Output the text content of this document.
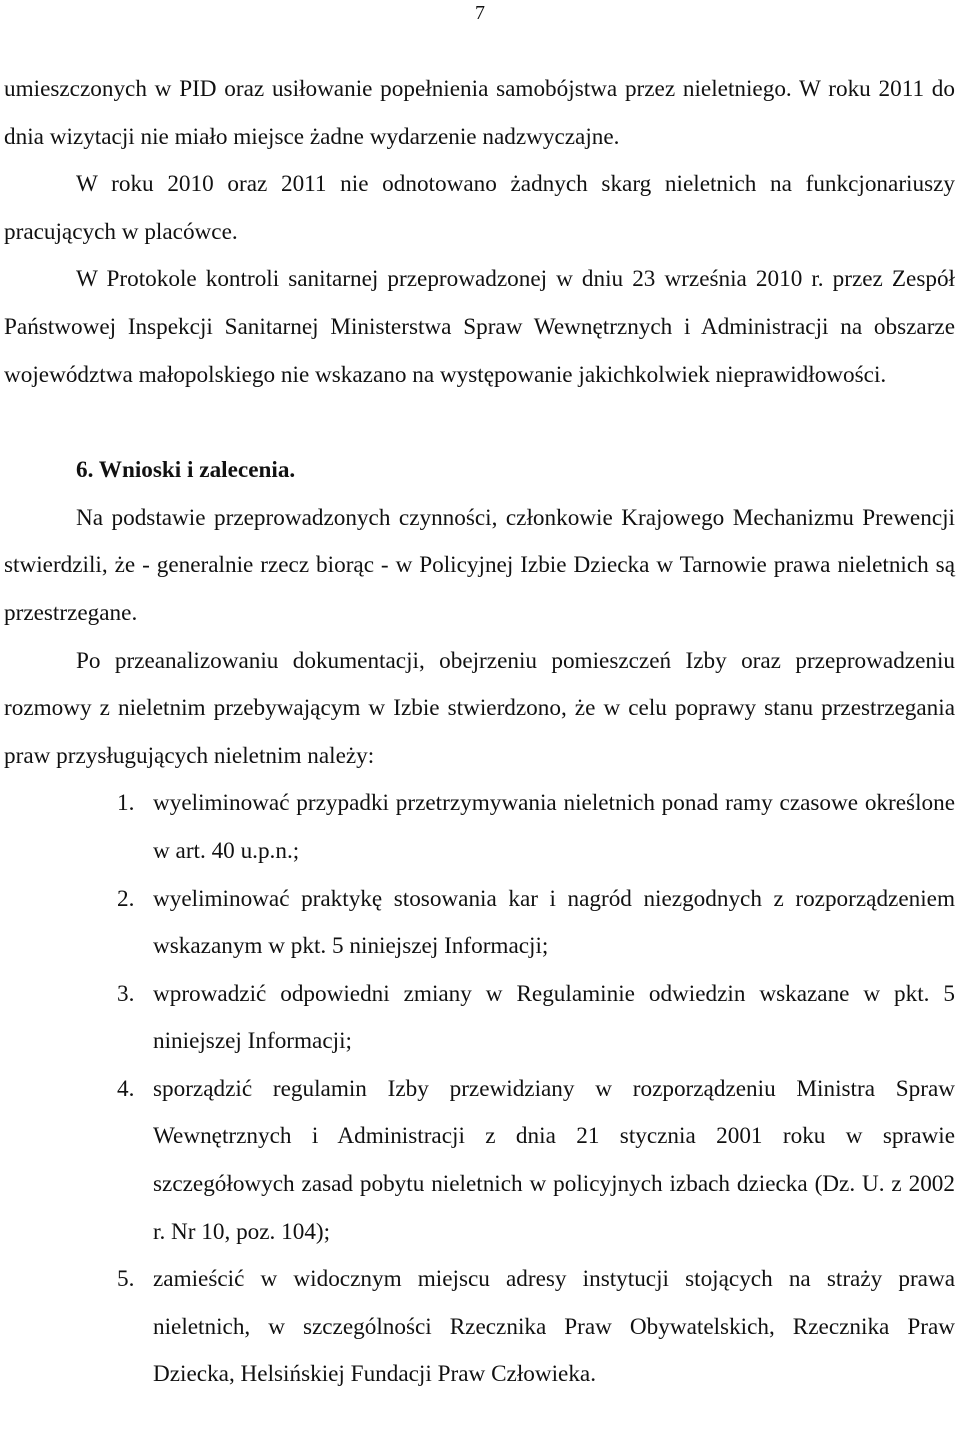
7

umieszczonych w PID oraz usiłowanie popełnienia samobójstwa przez nieletniego. W roku 2011 do dnia wizytacji nie miało miejsce żadne wydarzenie nadzwyczajne.

W roku 2010 oraz 2011 nie odnotowano żadnych skarg nieletnich na funkcjonariuszy pracujących w placówce.

W Protokole kontroli sanitarnej przeprowadzonej w dniu 23 września 2010 r. przez Zespół Państwowej Inspekcji Sanitarnej Ministerstwa Spraw Wewnętrznych i Administracji na obszarze województwa małopolskiego nie wskazano na występowanie jakichkolwiek nieprawidłowości.

6. Wnioski i zalecenia.

Na podstawie przeprowadzonych czynności, członkowie Krajowego Mechanizmu Prewencji stwierdzili, że - generalnie rzecz biorąc - w Policyjnej Izbie Dziecka w Tarnowie prawa nieletnich są przestrzegane.

Po przeanalizowaniu dokumentacji, obejrzeniu pomieszczeń Izby oraz przeprowadzeniu rozmowy z nieletnim przebywającym w Izbie stwierdzono, że w celu poprawy stanu przestrzegania praw przysługujących nieletnim należy:

1. wyeliminować przypadki przetrzymywania nieletnich ponad ramy czasowe określone w art. 40 u.p.n.;
2. wyeliminować praktykę stosowania kar i nagród niezgodnych z rozporządzeniem wskazanym w pkt. 5 niniejszej Informacji;
3. wprowadzić odpowiedni zmiany w Regulaminie odwiedzin wskazane w pkt. 5 niniejszej Informacji;
4. sporządzić regulamin Izby przewidziany w rozporządzeniu Ministra Spraw Wewnętrznych i Administracji z dnia 21 stycznia 2001 roku w sprawie szczegółowych zasad pobytu nieletnich w policyjnych izbach dziecka (Dz. U. z 2002 r. Nr 10, poz. 104);
5. zamieścić w widocznym miejscu adresy instytucji stojących na straży prawa nieletnich, w szczególności Rzecznika Praw Obywatelskich, Rzecznika Praw Dziecka, Helsińskiej Fundacji Praw Człowieka.
